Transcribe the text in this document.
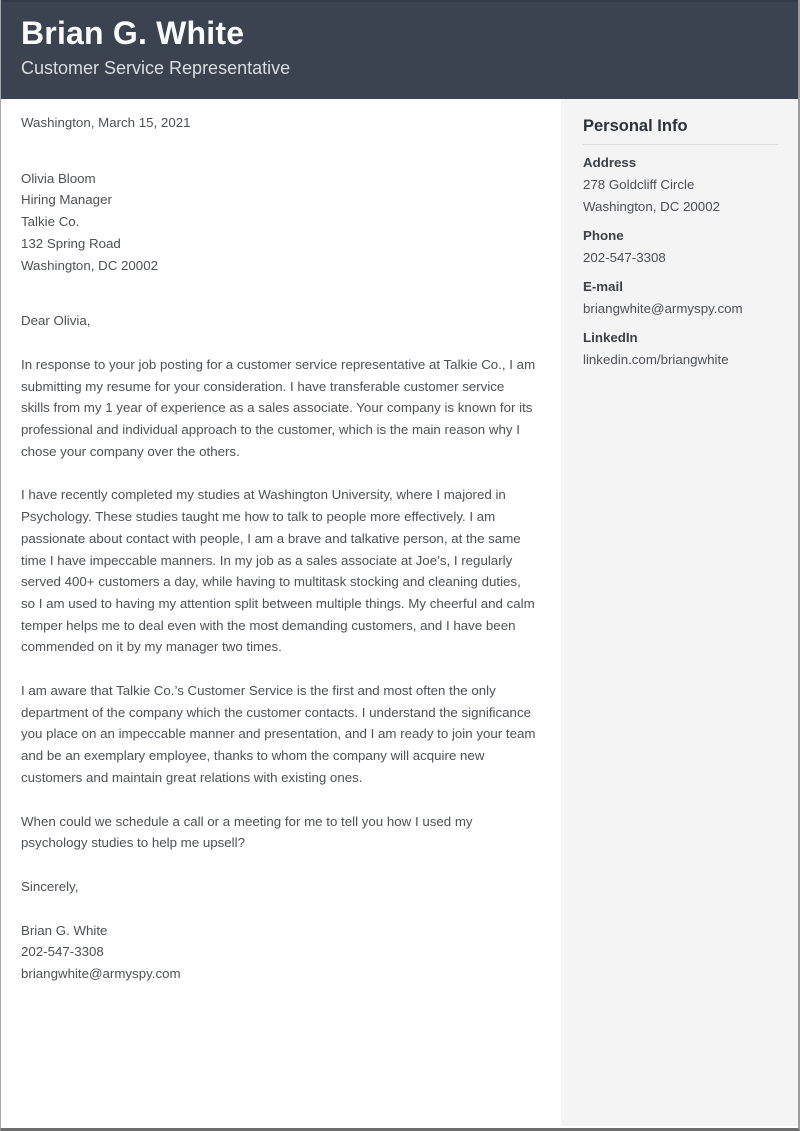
Brian G. White
Customer Service Representative
Washington, March 15, 2021
Olivia Bloom
Hiring Manager
Talkie Co.
132 Spring Road
Washington, DC 20002
Dear Olivia,

In response to your job posting for a customer service representative at Talkie Co., I am submitting my resume for your consideration. I have transferable customer service skills from my 1 year of experience as a sales associate. Your company is known for its professional and individual approach to the customer, which is the main reason why I chose your company over the others.

I have recently completed my studies at Washington University, where I majored in Psychology. These studies taught me how to talk to people more effectively. I am passionate about contact with people, I am a brave and talkative person, at the same time I have impeccable manners. In my job as a sales associate at Joe’s, I regularly served 400+ customers a day, while having to multitask stocking and cleaning duties, so I am used to having my attention split between multiple things. My cheerful and calm temper helps me to deal even with the most demanding customers, and I have been commended on it by my manager two times.

I am aware that Talkie Co.’s Customer Service is the first and most often the only department of the company which the customer contacts. I understand the significance you place on an impeccable manner and presentation, and I am ready to join your team and be an exemplary employee, thanks to whom the company will acquire new customers and maintain great relations with existing ones.

When could we schedule a call or a meeting for me to tell you how I used my psychology studies to help me upsell?

Sincerely,
Brian G. White
202-547-3308
briangwhite@armyspy.com
Personal Info
Address
278 Goldcliff Circle
Washington, DC 20002
Phone
202-547-3308
E-mail
briangwhite@armyspy.com
LinkedIn
linkedin.com/briangwhite
